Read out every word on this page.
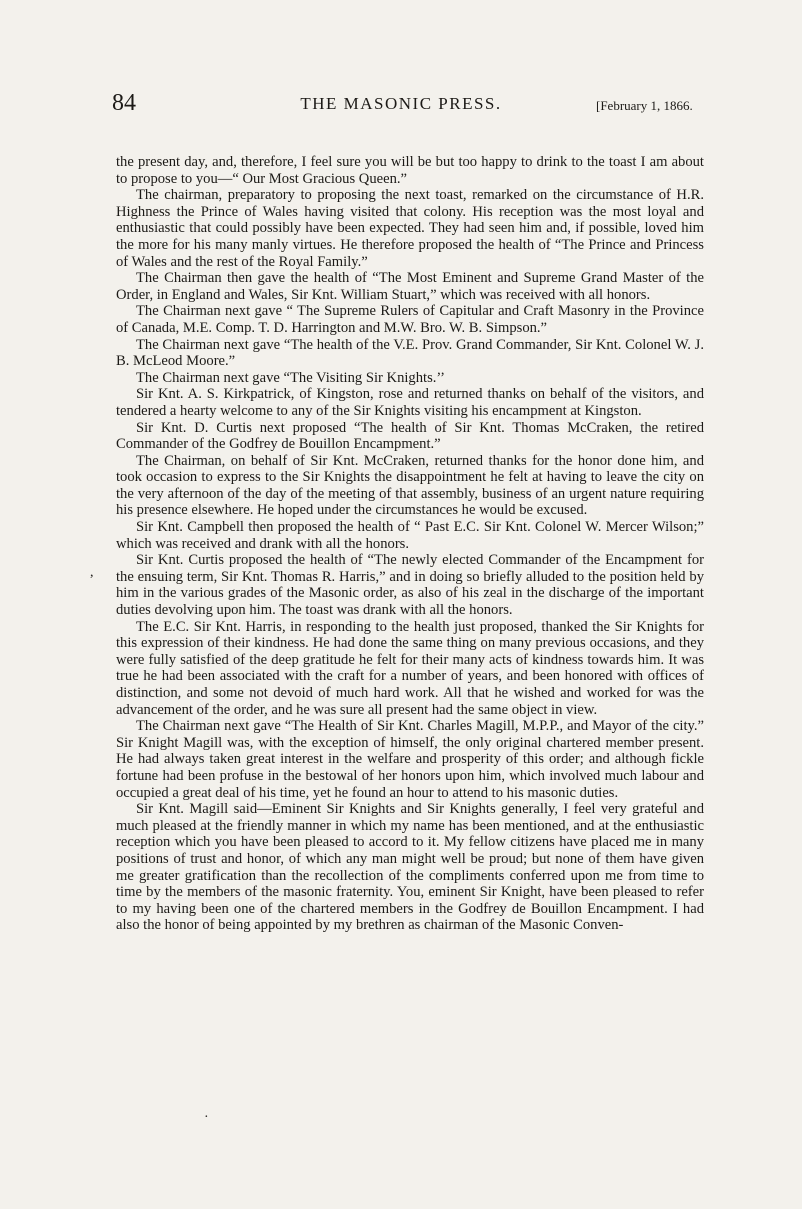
84	THE MASONIC PRESS.	[February 1, 1866.

the present day, and, therefore, I feel sure you will be but too happy to drink to the toast I am about to propose to you—“ Our Most Gracious Queen.”

The chairman, preparatory to proposing the next toast, remarked on the circumstance of H.R. Highness the Prince of Wales having visited that colony. His reception was the most loyal and enthusiastic that could possibly have been expected. They had seen him and, if possible, loved him the more for his many manly virtues. He therefore proposed the health of “The Prince and Princess of Wales and the rest of the Royal Family.”

The Chairman then gave the health of “The Most Eminent and Supreme Grand Master of the Order, in England and Wales, Sir Knt. William Stuart,” which was received with all honors.

The Chairman next gave “ The Supreme Rulers of Capitular and Craft Masonry in the Province of Canada, M.E. Comp. T. D. Harrington and M.W. Bro. W. B. Simpson.”

The Chairman next gave “The health of the V.E. Prov. Grand Commander, Sir Knt. Colonel W. J. B. McLeod Moore.”

The Chairman next gave “The Visiting Sir Knights.’’

Sir Knt. A. S. Kirkpatrick, of Kingston, rose and returned thanks on behalf of the visitors, and tendered a hearty welcome to any of the Sir Knights visiting his encampment at Kingston.

Sir Knt. D. Curtis next proposed “The health of Sir Knt. Thomas McCraken, the retired Commander of the Godfrey de Bouillon Encampment.”

The Chairman, on behalf of Sir Knt. McCraken, returned thanks for the honor done him, and took occasion to express to the Sir Knights the disappointment he felt at having to leave the city on the very afternoon of the day of the meeting of that assembly, business of an urgent nature requiring his presence elsewhere. He hoped under the circumstances he would be excused.

Sir Knt. Campbell then proposed the health of “ Past E.C. Sir Knt. Colonel W. Mercer Wilson;” which was received and drank with all the honors.

Sir Knt. Curtis proposed the health of “The newly elected Commander of the Encampment for the ensuing term, Sir Knt. Thomas R. Harris,” and in doing so briefly alluded to the position held by him in the various grades of the Masonic order, as also of his zeal in the discharge of the important duties devolving upon him. The toast was drank with all the honors.

The E.C. Sir Knt. Harris, in responding to the health just proposed, thanked the Sir Knights for this expression of their kindness. He had done the same thing on many previous occasions, and they were fully satisfied of the deep gratitude he felt for their many acts of kindness towards him. It was true he had been associated with the craft for a number of years, and been honored with offices of distinction, and some not devoid of much hard work. All that he wished and worked for was the advancement of the order, and he was sure all present had the same object in view.

The Chairman next gave “The Health of Sir Knt. Charles Magill, M.P.P., and Mayor of the city.” Sir Knight Magill was, with the exception of himself, the only original chartered member present. He had always taken great interest in the welfare and prosperity of this order; and although fickle fortune had been profuse in the bestowal of her honors upon him, which involved much labour and occupied a great deal of his time, yet he found an hour to attend to his masonic duties.

Sir Knt. Magill said—Eminent Sir Knights and Sir Knights generally, I feel very grateful and much pleased at the friendly manner in which my name has been mentioned, and at the enthusiastic reception which you have been pleased to accord to it. My fellow citizens have placed me in many positions of trust and honor, of which any man might well be proud; but none of them have given me greater gratification than the recollection of the compliments conferred upon me from time to time by the members of the masonic fraternity. You, eminent Sir Knight, have been pleased to refer to my having been one of the chartered members in the Godfrey de Bouillon Encampment. I had also the honor of being appointed by my brethren as chairman of the Masonic Conven-

,
·
